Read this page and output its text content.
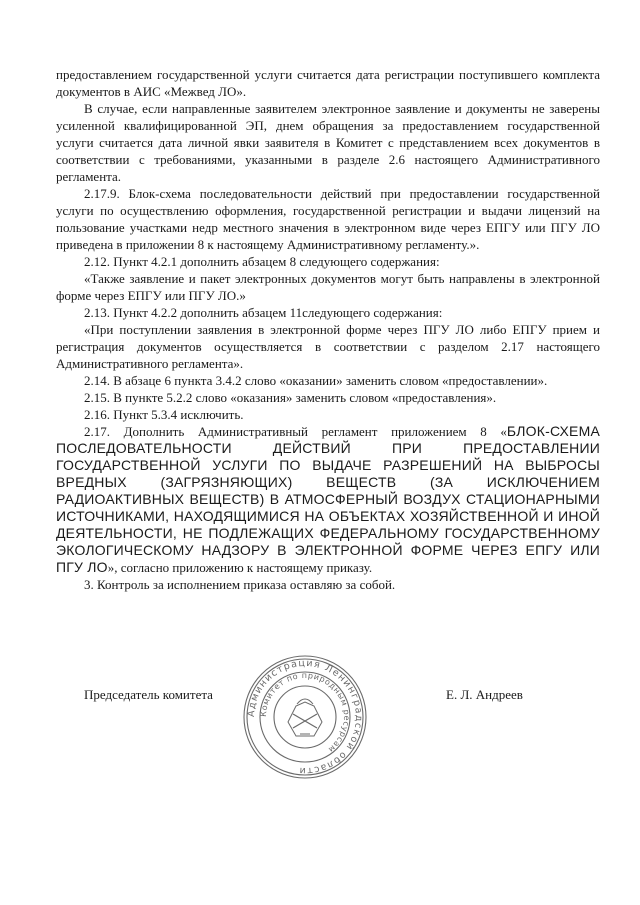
предоставлением государственной услуги считается дата регистрации поступившего комплекта документов в АИС «Межвед ЛО».

В случае, если направленные заявителем электронное заявление и документы не заверены усиленной квалифицированной ЭП, днем обращения за предоставлением государственной услуги считается дата личной явки заявителя в Комитет с представлением всех документов в соответствии с требованиями, указанными в разделе 2.6 настоящего Административного регламента.

2.17.9. Блок-схема последовательности действий при предоставлении государственной услуги по осуществлению оформления, государственной регистрации и выдачи лицензий на пользование участками недр местного значения в электронном виде через ЕПГУ или ПГУ ЛО приведена в приложении 8 к настоящему Административному регламенту.».

2.12. Пункт 4.2.1 дополнить абзацем 8 следующего содержания:

«Также заявление и пакет электронных документов могут быть направлены в электронной форме через ЕПГУ или ПГУ ЛО.»

2.13. Пункт 4.2.2 дополнить абзацем 11следующего содержания:

«При поступлении заявления в электронной форме через ПГУ ЛО либо ЕПГУ прием и регистрация документов осуществляется в соответствии с разделом 2.17 настоящего Административного регламента».

2.14. В абзаце 6 пункта 3.4.2 слово «оказании» заменить словом «предоставлении».

2.15. В пункте 5.2.2 слово «оказания» заменить словом «предоставления».

2.16. Пункт 5.3.4 исключить.

2.17. Дополнить Административный регламент приложением 8 «БЛОК-СХЕМА ПОСЛЕДОВАТЕЛЬНОСТИ ДЕЙСТВИЙ ПРИ ПРЕДОСТАВЛЕНИИ ГОСУДАРСТВЕННОЙ УСЛУГИ ПО ВЫДАЧЕ РАЗРЕШЕНИЙ НА ВЫБРОСЫ ВРЕДНЫХ (ЗАГРЯЗНЯЮЩИХ) ВЕЩЕСТВ (ЗА ИСКЛЮЧЕНИЕМ РАДИОАКТИВНЫХ ВЕЩЕСТВ) В АТМОСФЕРНЫЙ ВОЗДУХ СТАЦИОНАРНЫМИ ИСТОЧНИКАМИ, НАХОДЯЩИМИСЯ НА ОБЪЕКТАХ ХОЗЯЙСТВЕННОЙ И ИНОЙ ДЕЯТЕЛЬНОСТИ, НЕ ПОДЛЕЖАЩИХ ФЕДЕРАЛЬНОМУ ГОСУДАРСТВЕННОМУ ЭКОЛОГИЧЕСКОМУ НАДЗОРУ В ЭЛЕКТРОННОЙ ФОРМЕ ЧЕРЕЗ ЕПГУ ИЛИ ПГУ ЛО», согласно приложению к настоящему приказу.

3. Контроль за исполнением приказа оставляю за собой.

Председатель комитета	Е. Л. Андреев
Администрация Ленинградской области
Комитет по природным ресурсам
